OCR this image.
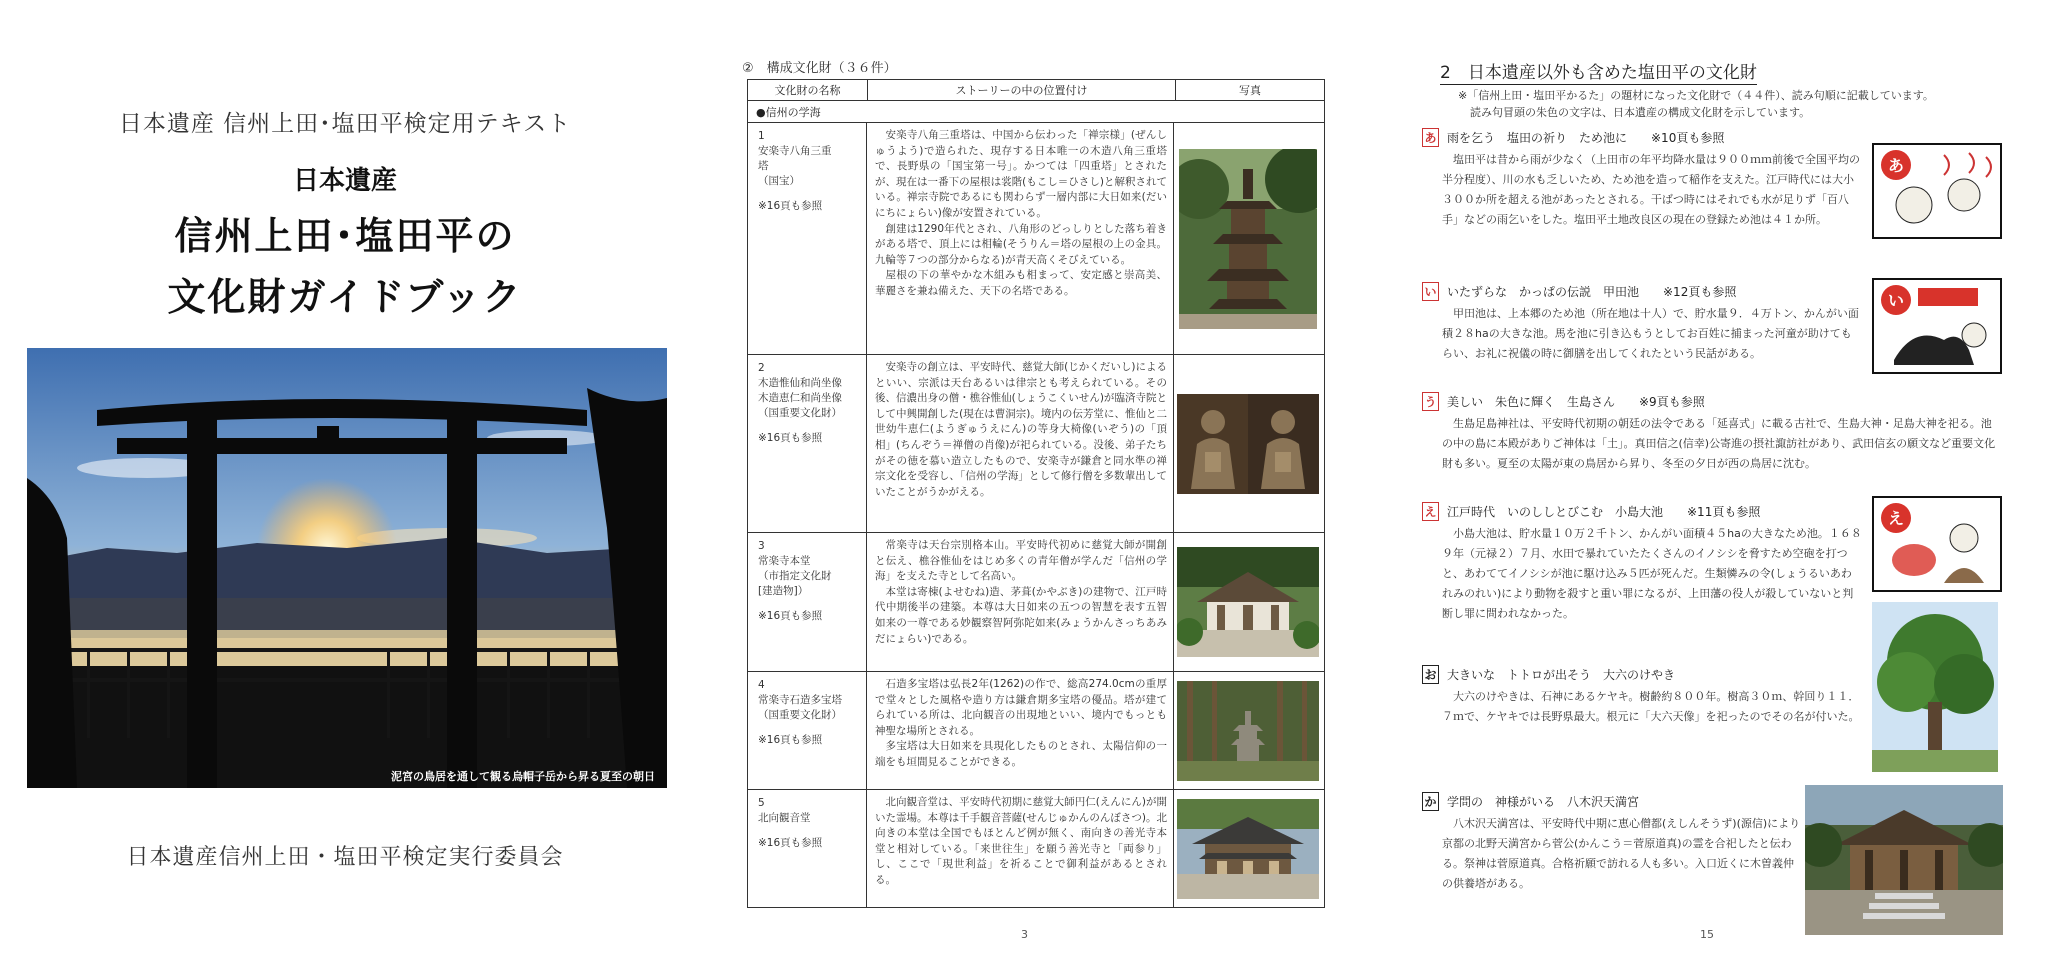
日本遺産 信州上田･塩田平検定用テキスト
日本遺産
信州上田･塩田平の
文化財ガイドブック
泥宮の鳥居を通して観る烏帽子岳から昇る夏至の朝日
日本遺産信州上田・塩田平検定実行委員会
②　構成文化財（３６件）
文化財の名称	ストーリーの中の位置付け	写真
●信州の学海
1
安楽寺八角三重
塔
（国宝）
※16頁も参照

安楽寺八角三重塔は、中国から伝わった「禅宗様」(ぜんしゅうよう)で造られた、現存する日本唯一の木造八角三重塔で、長野県の「国宝第一号」。かつては「四重塔」とされたが、現在は一番下の屋根は裳階(もこし＝ひさし)と解釈されている。禅宗寺院であるにも関わらず一層内部に大日如来(だいにちにょらい)像が安置されている。

創建は1290年代とされ、八角形のどっしりとした落ち着きがある塔で、頂上には相輪(そうりん＝塔の屋根の上の金具。九輪等７つの部分からなる)が青天高くそびえている。

屋根の下の華やかな木組みも相まって、安定感と崇高美、華麗さを兼ね備えた、天下の名塔である。

2
木造惟仙和尚坐像
木造恵仁和尚坐像
（国重要文化財）
※16頁も参照

安楽寺の創立は、平安時代、慈覚大師(じかくだいし)によるといい、宗派は天台あるいは律宗とも考えられている。その後、信濃出身の僧・樵谷惟仙(しょうこくいせん)が臨済寺院として中興開創した(現在は曹洞宗)。境内の伝芳堂に、惟仙と二世幼牛恵仁(ようぎゅうえにん)の等身大椅像(いぞう)の「頂相」(ちんぞう＝禅僧の肖像)が祀られている。没後、弟子たちがその徳を慕い造立したもので、安楽寺が鎌倉と同水準の禅宗文化を受容し、「信州の学海」として修行僧を多数輩出していたことがうかがえる。

3
常楽寺本堂
（市指定文化財
[建造物]）
※16頁も参照

常楽寺は天台宗別格本山。平安時代初めに慈覚大師が開創と伝え、樵谷惟仙をはじめ多くの青年僧が学んだ「信州の学海」を支えた寺として名高い。

本堂は寄棟(よせむね)造、茅葺(かやぶき)の建物で、江戸時代中期後半の建築。本尊は大日如来の五つの智慧を表す五智如来の一尊である妙観察智阿弥陀如来(みょうかんさっちあみだにょらい)である。

4
常楽寺石造多宝塔
（国重要文化財）
※16頁も参照

石造多宝塔は弘長2年(1262)の作で、総高274.0cmの重厚で堂々とした風格や造り方は鎌倉期多宝塔の優品。塔が建てられている所は、北向観音の出現地といい、境内でもっとも神聖な場所とされる。

多宝塔は大日如来を具現化したものとされ、太陽信仰の一端をも垣間見ることができる。

5
北向観音堂
※16頁も参照

北向観音堂は、平安時代初期に慈覚大師円仁(えんにん)が開いた霊場。本尊は千手観音菩薩(せんじゅかんのんぼさつ)。北向きの本堂は全国でもほとんど例が無く、南向きの善光寺本堂と相対している。「来世往生」を願う善光寺と「両参り」し、ここで「現世利益」を祈ることで御利益があるとされる。

3
2　日本遺産以外も含めた塩田平の文化財
※「信州上田・塩田平かるた」の題材になった文化財で（４４件）、読み句順に記載しています。
読み句冒頭の朱色の文字は、日本遺産の構成文化財を示しています。
あ 雨を乞う　塩田の祈り　ため池に　　※10頁も参照
塩田平は昔から雨が少なく（上田市の年平均降水量は９００ｍｍ前後で全国平均の半分程度）、川の水も乏しいため、ため池を造って稲作を支えた。江戸時代には大小３００か所を超える池があったとされる。干ばつ時にはそれでも水が足りず「百八手」などの雨乞いをした。塩田平土地改良区の現在の登録ため池は４１か所。
あ
い いたずらな　かっぱの伝説　甲田池　　※12頁も参照
甲田池は、上本郷のため池（所在地は十人）で、貯水量９．４万トン、かんがい面積２８haの大きな池。馬を池に引き込もうとしてお百姓に捕まった河童が助けてもらい、お礼に祝儀の時に御膳を出してくれたという民話がある。
い
う 美しい　朱色に輝く　生島さん　　※9頁も参照
生島足島神社は、平安時代初期の朝廷の法令である「延喜式」に載る古社で、生島大神・足島大神を祀る。池の中の島に本殿がありご神体は「土」。真田信之(信幸)公寄進の摂社諏訪社があり、武田信玄の願文など重要文化財も多い。夏至の太陽が東の鳥居から昇り、冬至の夕日が西の鳥居に沈む。
え 江戸時代　いのししとびこむ　小島大池　　※11頁も参照
小島大池は、貯水量１０万２千トン、かんがい面積４５haの大きなため池。１６８９年（元禄２）７月、水田で暴れていたたくさんのイノシシを脅すため空砲を打つと、あわててイノシシが池に駆け込み５匹が死んだ。生類憐みの令(しょうるいあわれみのれい)により動物を殺すと重い罪になるが、上田藩の役人が殺していないと判断し罪に問われなかった。
え
お 大きいな　トトロが出そう　大六のけやき
大六のけやきは、石神にあるケヤキ。樹齢約８００年。樹高３０ｍ、幹回り１１．７ｍで、ケヤキでは長野県最大。根元に「大六天像」を祀ったのでその名が付いた。
か 学問の　神様がいる　八木沢天満宮
八木沢天満宮は、平安時代中期に恵心僧都(えしんそうず)(源信)により京都の北野天満宮から菅公(かんこう＝菅原道真)の霊を合祀したと伝わる。祭神は菅原道真。合格祈願で訪れる人も多い。入口近くに木曽義仲の供養塔がある。
15
